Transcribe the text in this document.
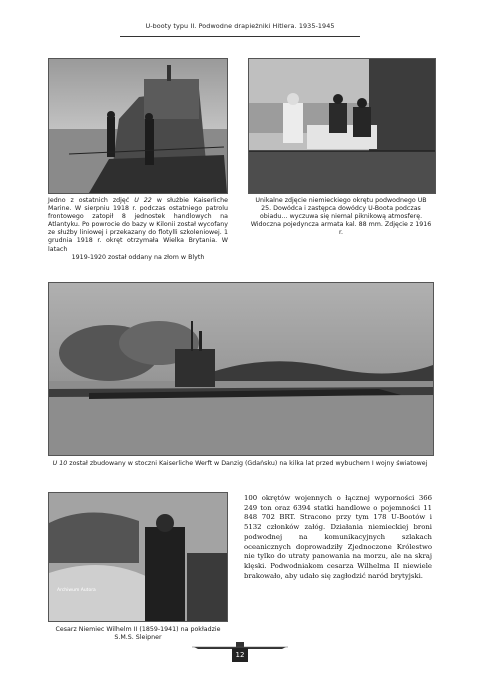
U-booty typu II. Podwodne drapieżniki Hitlera. 1935-1945
Jedno z ostatnich zdjęć U 22 w służbie Kaiserliche Marine. W sierpniu 1918 r. podczas ostatniego patrolu frontowego zatopił 8 jednostek handlowych na Atlantyku. Po powrocie do bazy w Kilonii został wycofany ze służby liniowej i przekazany do flotylli szkoleniowej. 1 grudnia 1918 r. okręt otrzymała Wielka Brytania. W latach
1919-1920 został oddany na złom w Blyth
Unikalne zdjęcie niemieckiego okrętu podwodnego UB 25. Dowódca i zastępca dowódcy U-Boota podczas obiadu… wyczuwa się niemal piknikową atmosferę. Widoczna pojedyncza armata kal. 88 mm. Zdjęcie z 1916 r.
U 10 został zbudowany w stoczni Kaiserliche Werft w Danzig (Gdańsku) na kilka lat przed wybuchem I wojny światowej
Archiwum Autora
Cesarz Niemiec Wilhelm II (1859-1941) na pokładzie S.M.S. Sleipner
100 okrętów wojennych o łącznej wyporności 366 249 ton oraz 6394 statki handlowe o pojemności 11 848 702 BRT. Stracono przy tym 178 U-Bootów i 5132 członków załóg. Działania niemieckiej broni podwodnej na komunikacyjnych szlakach oceanicznych doprowadziły Zjednoczone Królestwo nie tylko do utraty panowania na morzu, ale na skraj klęski. Podwodniakom cesarza Wilhelma II niewiele brakowało, aby udało się zagłodzić naród brytyjski.
12
